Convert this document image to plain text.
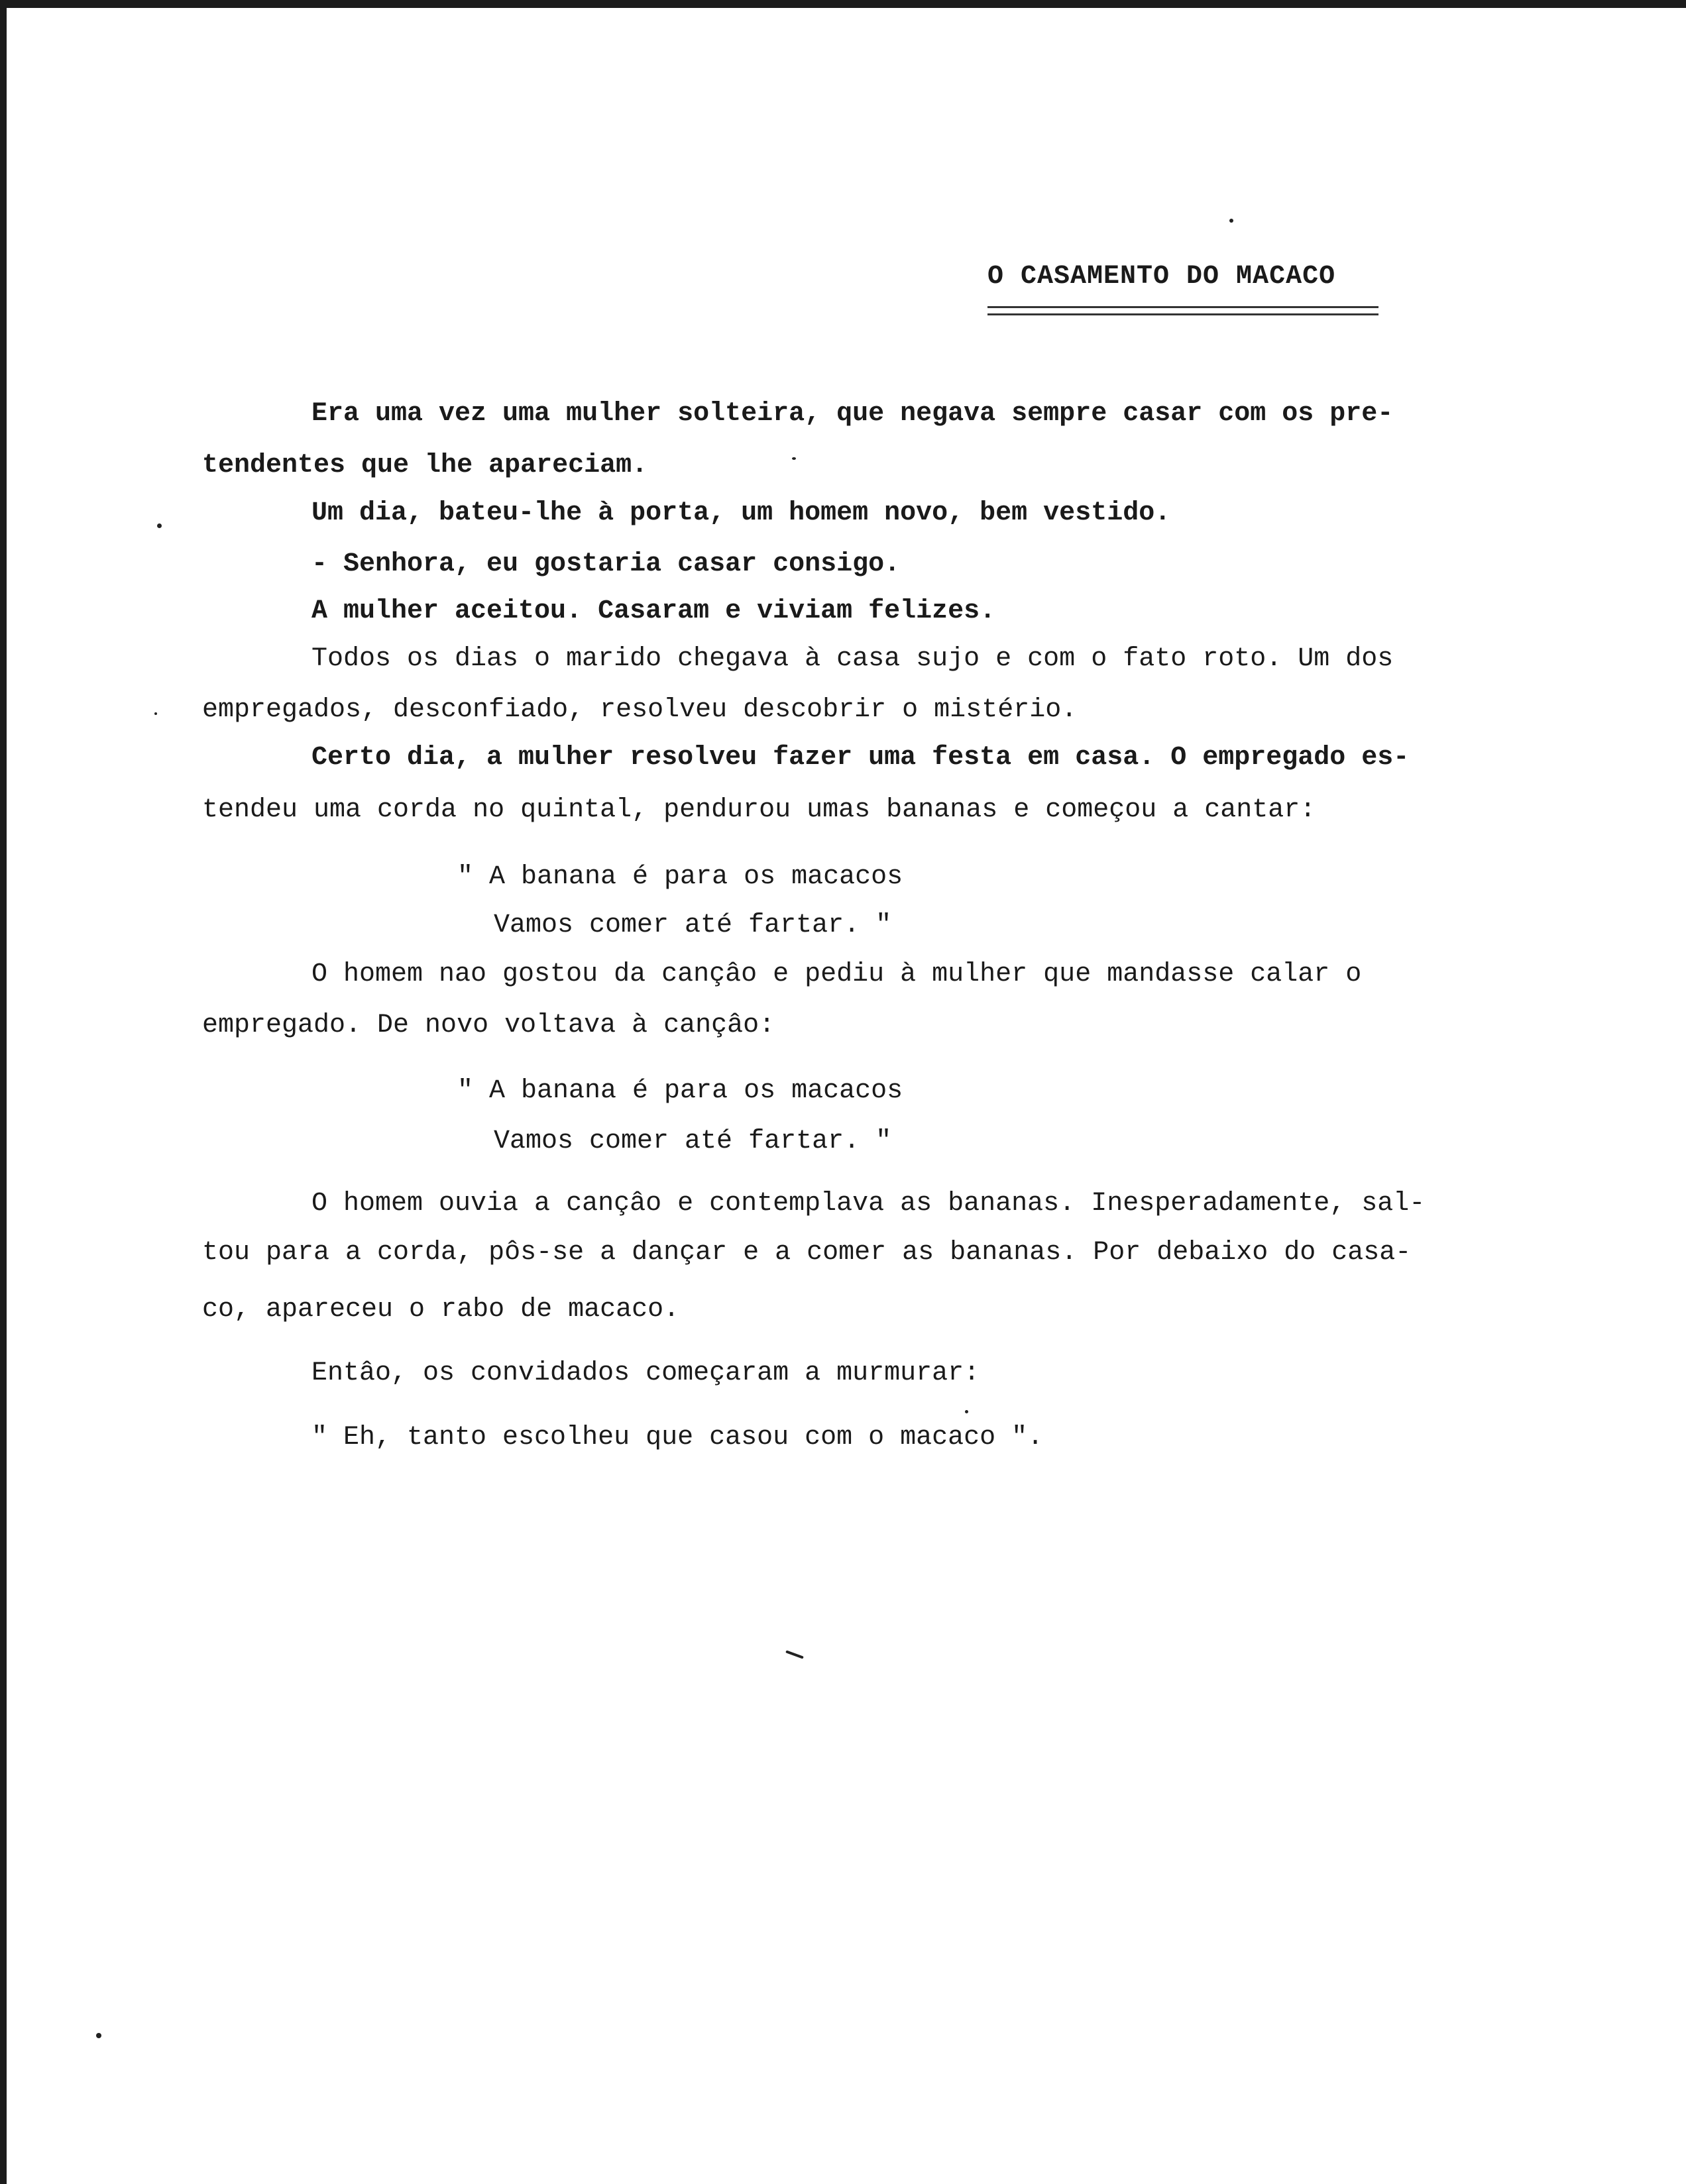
O CASAMENTO DO MACACO
Era uma vez uma mulher solteira, que negava sempre casar com os pre-
tendentes que lhe apareciam.
Um dia, bateu-lhe à porta, um homem novo, bem vestido.
- Senhora, eu gostaria casar consigo.
A mulher aceitou. Casaram e viviam felizes.
Todos os dias o marido chegava à casa sujo e com o fato roto. Um dos
empregados, desconfiado, resolveu descobrir o mistério.
Certo dia, a mulher resolveu fazer uma festa em casa. O empregado es-
tendeu uma corda no quintal, pendurou umas bananas e começou a cantar:
" A banana é para os macacos
Vamos comer até fartar. "
O homem nao gostou da cançâo e pediu à mulher que mandasse calar o
empregado. De novo voltava à cançâo:
" A banana é para os macacos
Vamos comer até fartar. "
O homem ouvia a cançâo e contemplava as bananas. Inesperadamente, sal-
tou para a corda, pôs-se a dançar e a comer as bananas. Por debaixo do casa-
co, apareceu o rabo de macaco.
Entâo, os convidados começaram a murmurar:
" Eh, tanto escolheu que casou com o macaco ".
